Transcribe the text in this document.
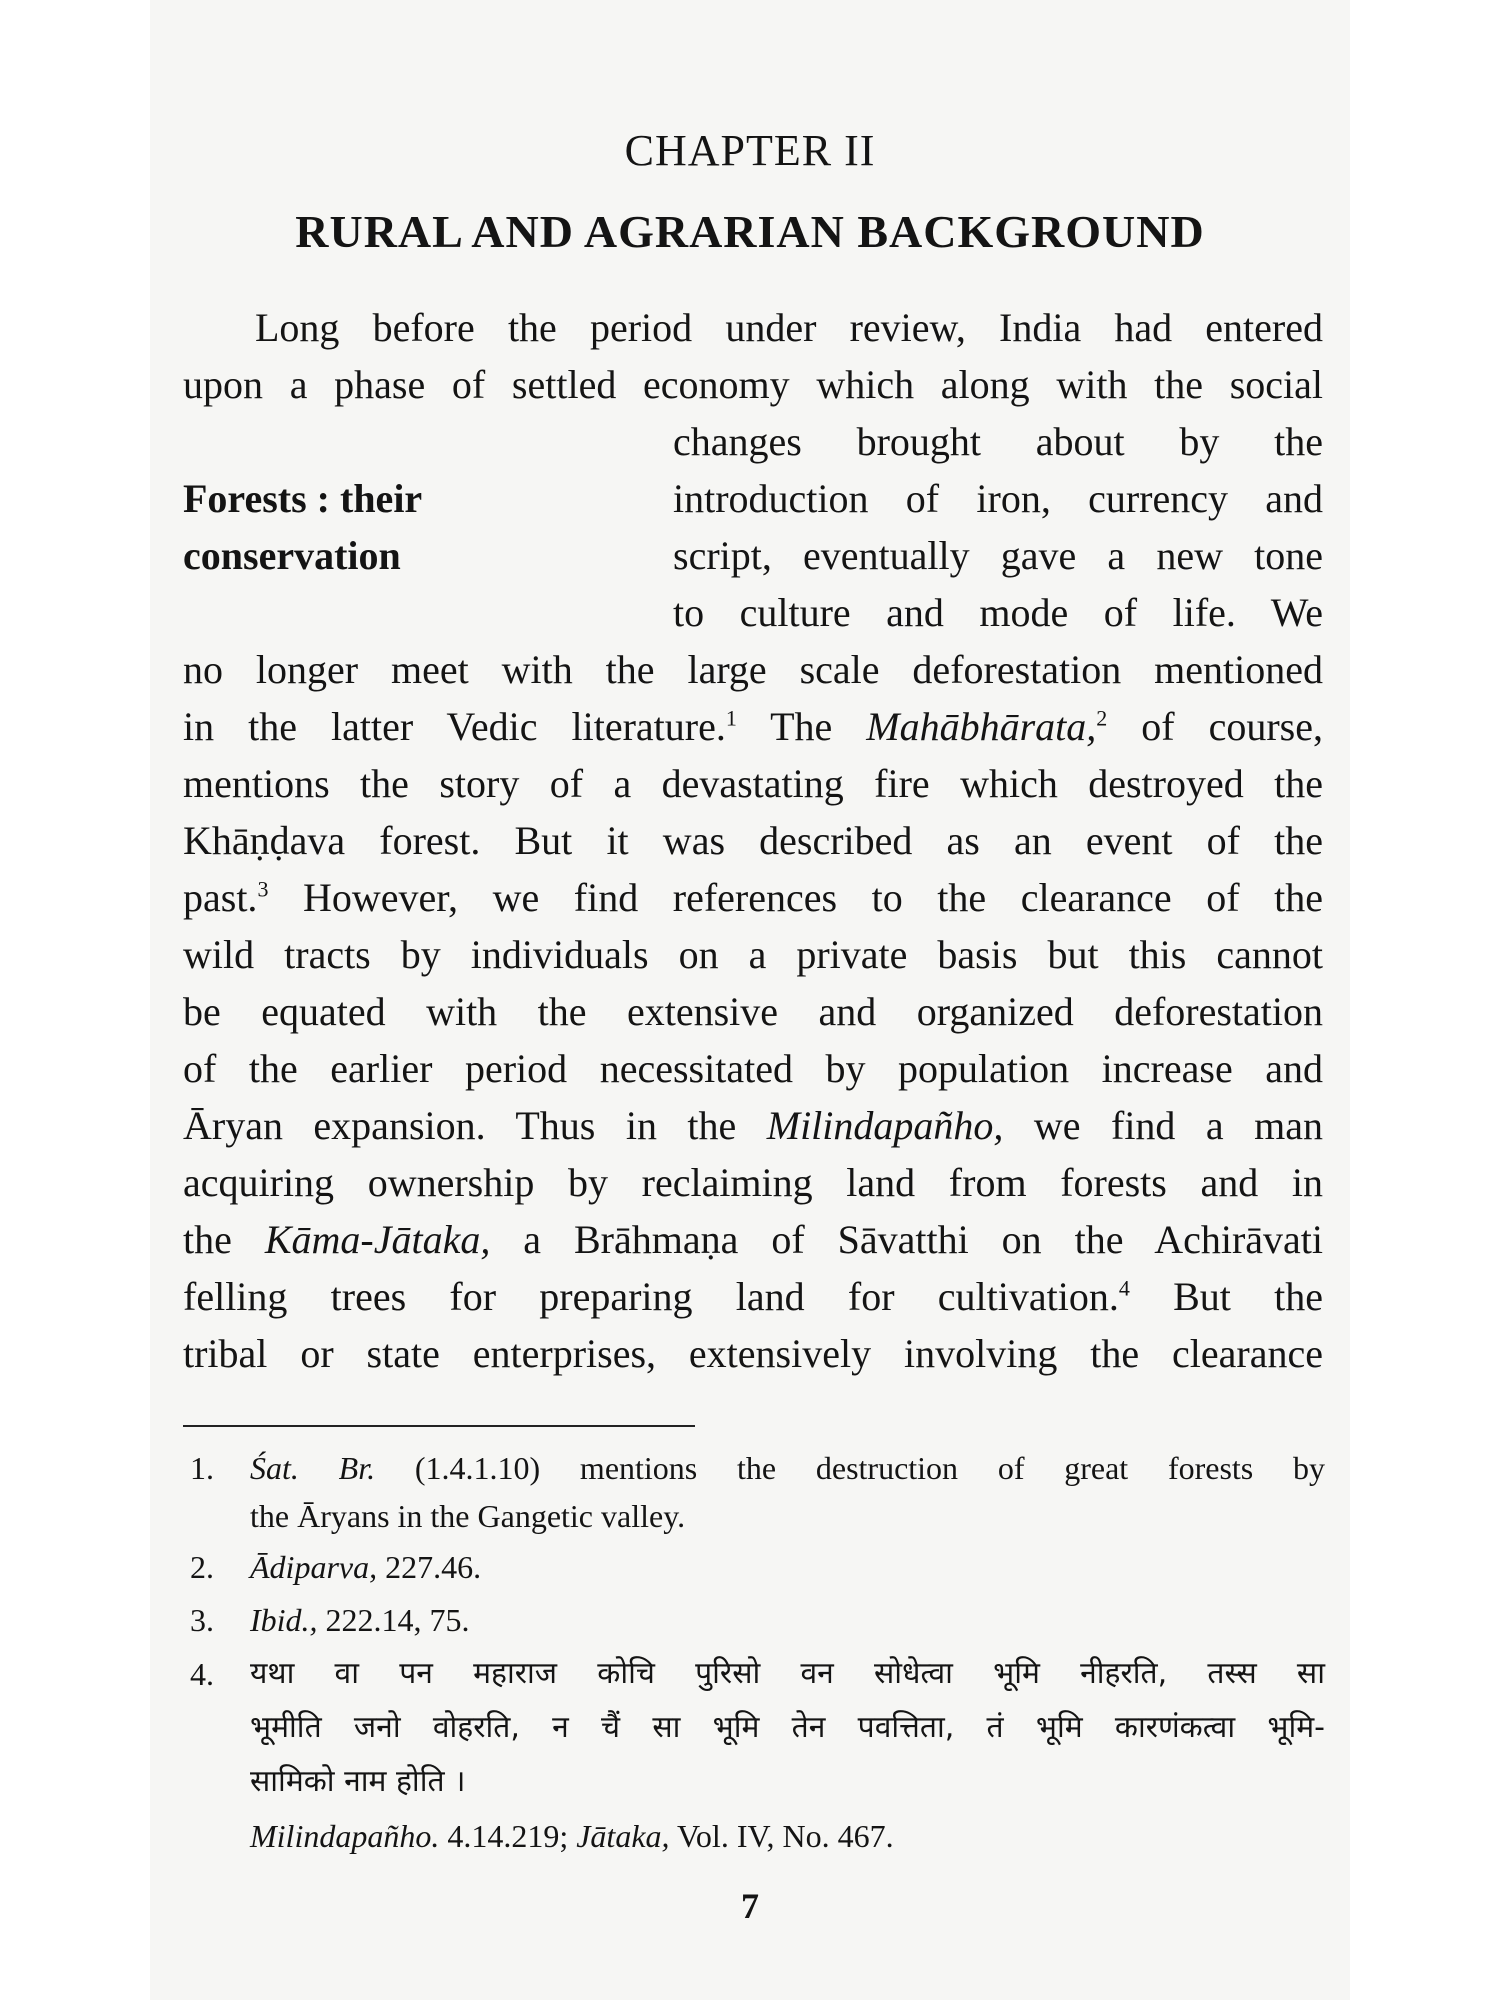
CHAPTER II
RURAL AND AGRARIAN BACKGROUND
Long before the period under review, India had entered
upon a phase of settled economy which along with the social
Forests : their
conservation
changes brought about by the
introduction of iron, currency and
script, eventually gave a new tone
to culture and mode of life. We
no longer meet with the large scale deforestation mentioned
in the latter Vedic literature.$^1$ The Mahābhārata,$^2$ of course,
mentions the story of a devastating fire which destroyed the
Khāṇḍava forest. But it was described as an event of the
past.$^3$ However, we find references to the clearance of the
wild tracts by individuals on a private basis but this cannot
be equated with the extensive and organized deforestation
of the earlier period necessitated by population increase and
Āryan expansion. Thus in the Milindapañho, we find a man
acquiring ownership by reclaiming land from forests and in
the Kāma-Jātaka, a Brāhmaṇa of Sāvatthi on the Achirāvati
felling trees for preparing land for cultivation.$^4$ But the
tribal or state enterprises, extensively involving the clearance
1.	Śat. Br. (1.4.1.10) mentions the destruction of great forests by
the Āryans in the Gangetic valley.
2.	Ādiparva, 227.46.
3.	Ibid., 222.14, 75.
4.	यथा वा पन महाराज कोचि पुरिसो वन सोधेत्वा भूमि नीहरति, तस्स सा
भूमीति जनो वोहरति, न चैं सा भूमि तेन पवत्तिता, तं भूमि कारणंकत्वा भूमि-
सामिको नाम होति ।
Milindapañho. 4.14.219; Jātaka, Vol. IV, No. 467.
7
